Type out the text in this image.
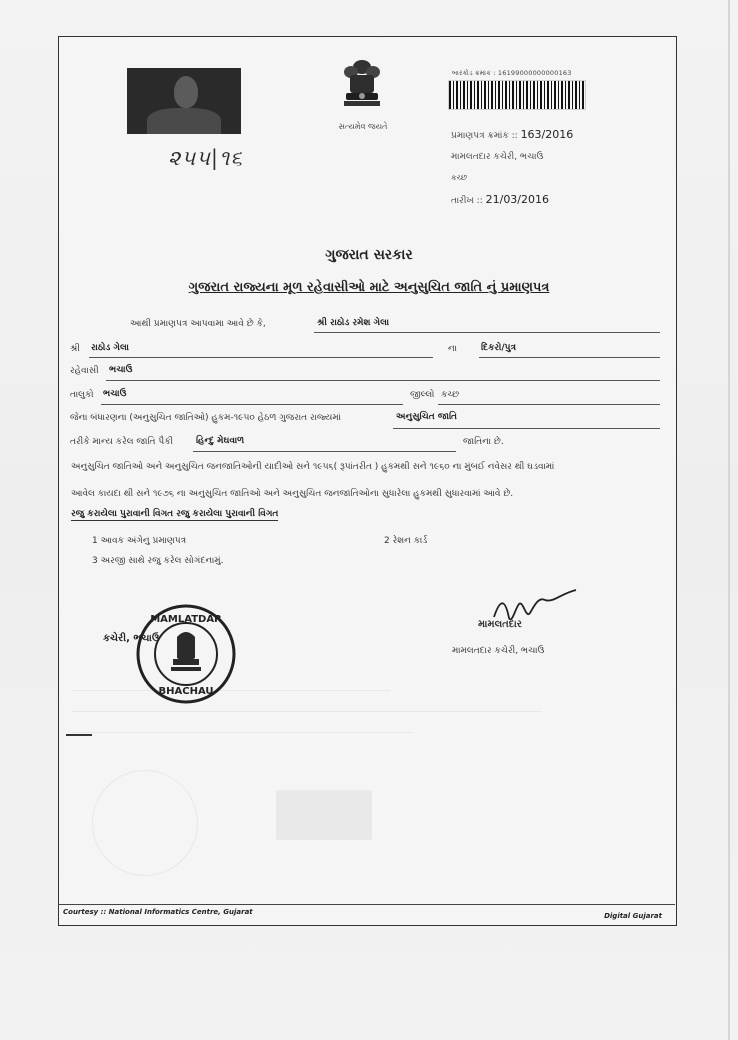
૨૫૫|૧૬
સત્યમેવ જયતે
બારકોડ ક્રમાંક : 16199000000000163
પ્રમાણપત્ર ક્રમાંક :: 163/2016
મામલતદાર કચેરી, ભચાઉ
કચ્છ
તારીખ :: 21/03/2016
ગુજરાત સરકાર
ગુજરાત રાજ્યના મૂળ રહેવાસીઓ માટે અનુસુચિત જાતિ નું પ્રમાણપત્ર
આથી પ્રમાણપત્ર આપવામા આવે છે કે,	શ્રી રાઠોડ રમેશ ગેલા
શ્રી રાઠોડ ગેલા	ના	દિકરો/પુત્ર
રહેવાસી ભચાઉ
તાલુકો ભચાઉ	જીલ્લો કચ્છ
જેના બંધારણના (અનુસુચિત જાતિઓ) હુકમ-૧૯૫૦ હેઠળ ગુજરાત રાજ્યમાં	અનુસુચિત જાતિ
તરીકે માન્ય કરેલ જાતિ પૈકી	હિન્દુ મેઘવાળ	જાતિના છે.
અનુસુચિત જાતિઓ અને અનુસુચિત જનજાતિઓની યાદીઓ સને ૧૯૫૬( રૂપાંતરીત ) હુકમથી સને ૧૯૬૦ ના મુંબઈ નવેસર થી ઘડવામાં
આવેલ કાયદા થી સને ૧૯૭૬ ના અનુસુચિત જાતિઓ અને અનુસુચિત જનજાતિઓના સુધારેલા હુકમથી સુધારવામાં આવે છે.
રજુ કરાયેલા પુરાવાની વિગત રજુ કરાયેલા પુરાવાની વિગત
1 આવક અંગેનુ પ્રમાણપત્ર	2 રેશન કાર્ડ
3 અરજી સાથે રજુ કરેલ સોગંદનામું.
MAMLATDAR
BHACHAU
કચેરી, ભચાઉ
મામલતદાર
મામલતદાર કચેરી, ભચાઉ
Courtesy :: National Informatics Centre, Gujarat	Digital Gujarat
